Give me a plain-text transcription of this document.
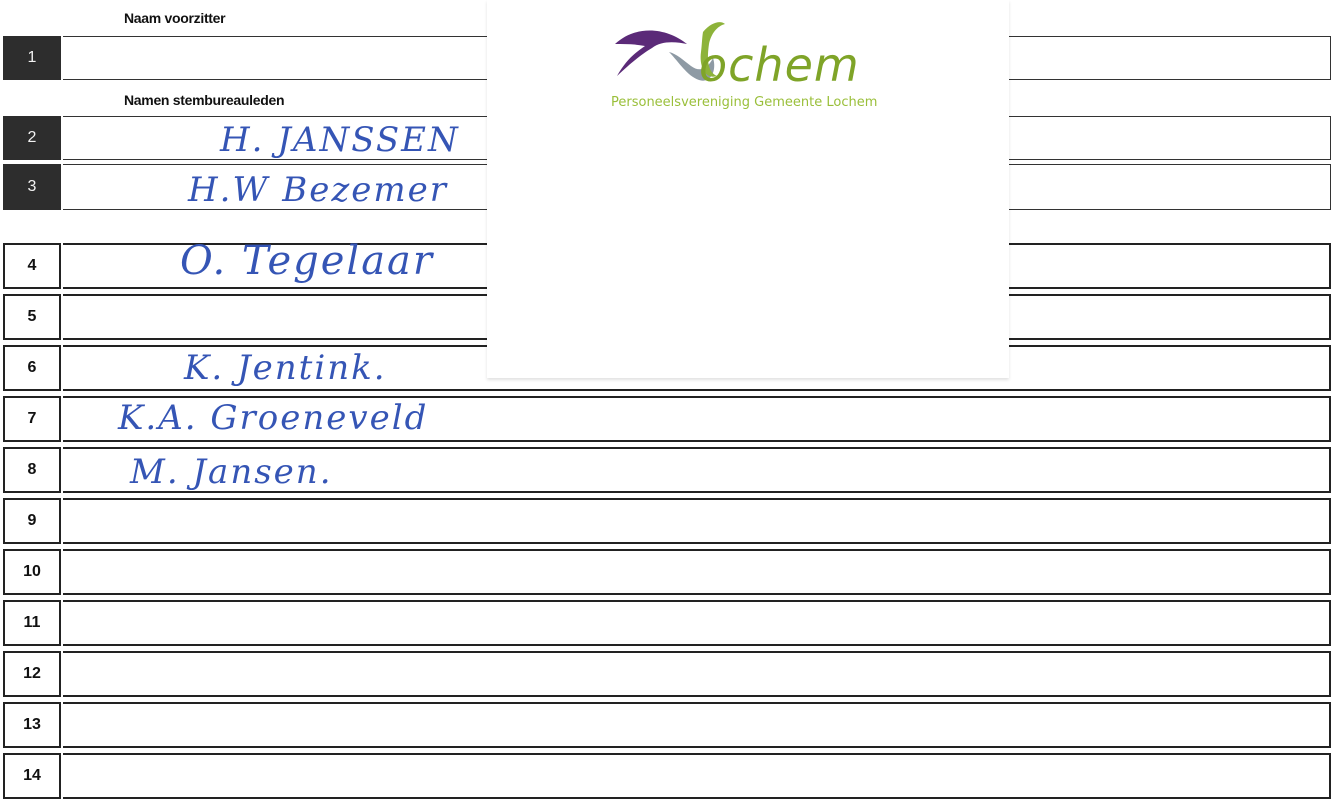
Naam voorzitter
Namen stembureauleden
1
2
3
4
5
6
7
8
9
10
11
12
13
14
ochem
Personeelsvereniging Gemeente Lochem
H. JANSSEN
H.W Bezemer
O. Tegelaar
K. Jentink.
K.A. Groeneveld
M. Jansen.
